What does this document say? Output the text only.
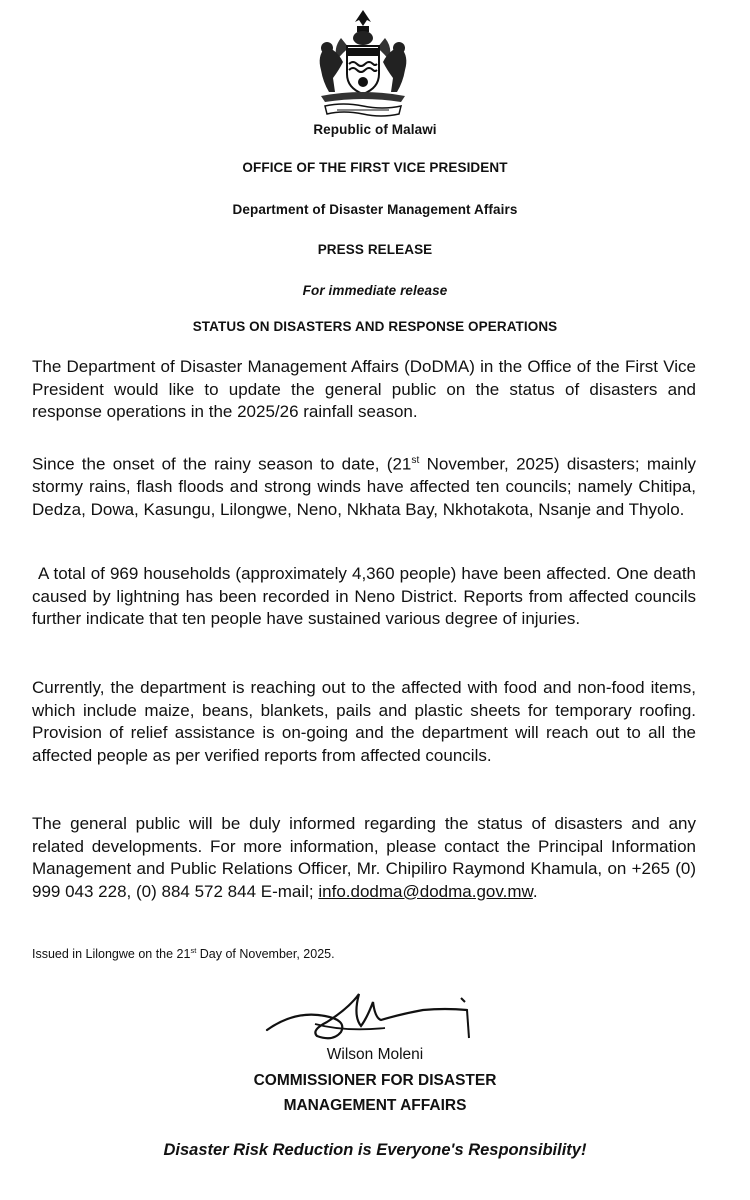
Republic of Malawi
OFFICE OF THE FIRST VICE PRESIDENT
Department of Disaster Management Affairs
PRESS RELEASE
For immediate release
STATUS ON DISASTERS AND RESPONSE OPERATIONS

The Department of Disaster Management Affairs (DoDMA) in the Office of the First Vice President would like to update the general public on the status of disasters and response operations in the 2025/26 rainfall season.

Since the onset of the rainy season to date, (21st November, 2025) disasters; mainly stormy rains, flash floods and strong winds have affected ten councils; namely Chitipa, Dedza, Dowa, Kasungu, Lilongwe, Neno, Nkhata Bay, Nkhotakota, Nsanje and Thyolo.

A total of 969 households (approximately 4,360 people) have been affected. One death caused by lightning has been recorded in Neno District. Reports from affected councils further indicate that ten people have sustained various degree of injuries.

Currently, the department is reaching out to the affected with food and non-food items, which include maize, beans, blankets, pails and plastic sheets for temporary roofing. Provision of relief assistance is on-going and the department will reach out to all the affected people as per verified reports from affected councils.

The general public will be duly informed regarding the status of disasters and any related developments. For more information, please contact the Principal Information Management and Public Relations Officer, Mr. Chipiliro Raymond Khamula, on +265 (0) 999 043 228, (0) 884 572 844 E-mail; info.dodma@dodma.gov.mw.

Issued in Lilongwe on the 21st Day of November, 2025.
Wilson Moleni
COMMISSIONER FOR DISASTER
MANAGEMENT AFFAIRS
Disaster Risk Reduction is Everyone's Responsibility!
